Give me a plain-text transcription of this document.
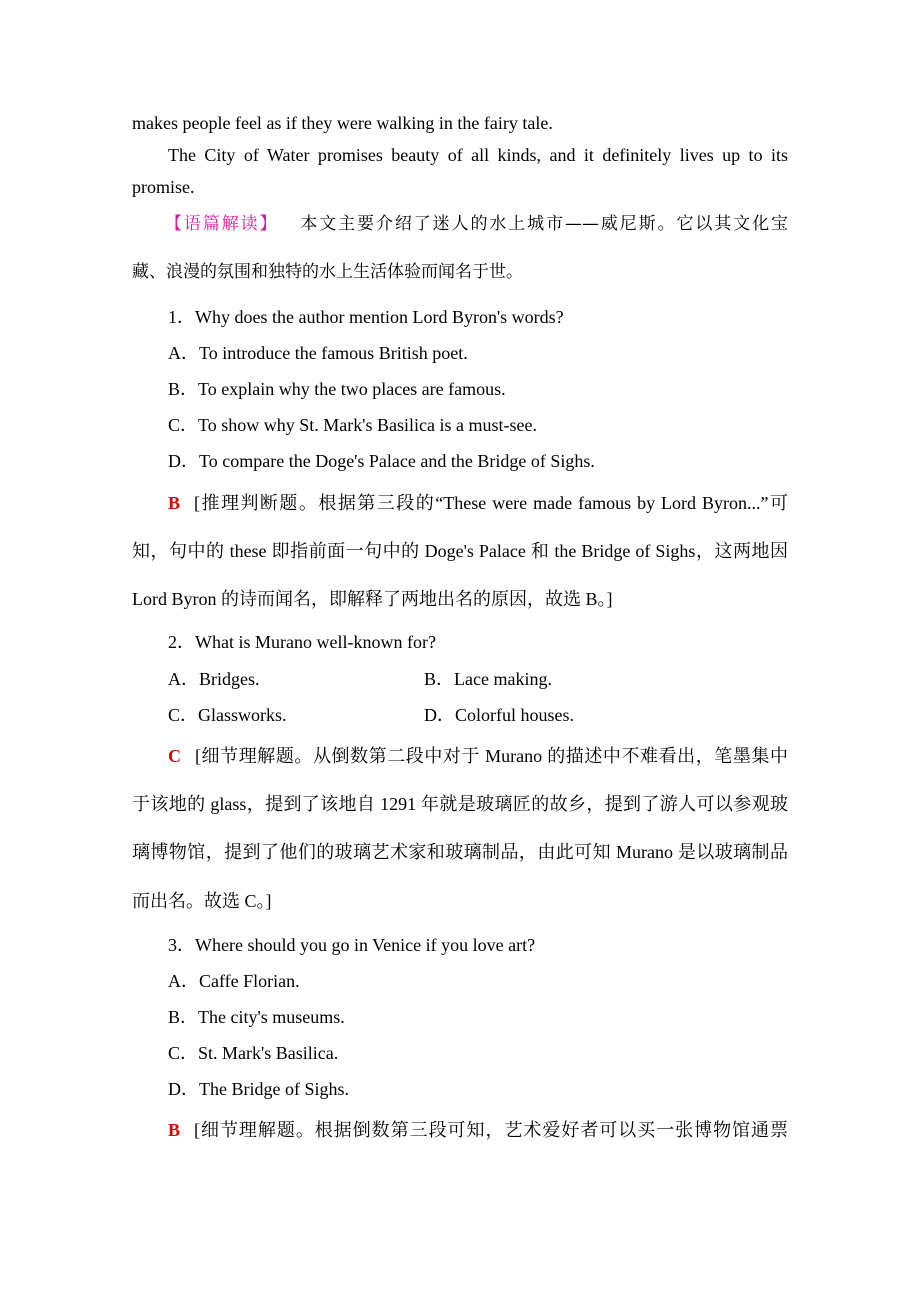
makes people feel as if they were walking in the fairy tale.
The City of Water promises beauty of all kinds, and it definitely lives up to its
promise.
【语篇解读】 本文主要介绍了迷人的水上城市——威尼斯。它以其文化宝
藏、浪漫的氛围和独特的水上生活体验而闻名于世。
1．Why does the author mention Lord Byron's words?
A．To introduce the famous British poet.
B．To explain why the two places are famous.
C．To show why St. Mark's Basilica is a must-see.
D．To compare the Doge's Palace and the Bridge of Sighs.
B [推理判断题。根据第三段的“These were made famous by Lord Byron...”可
知，句中的 these 即指前面一句中的 Doge's Palace 和 the Bridge of Sighs，这两地因
Lord Byron 的诗而闻名，即解释了两地出名的原因，故选 B。]
2．What is Murano well-known for?
A．Bridges.	B．Lace making.
C．Glassworks.	D．Colorful houses.
C [细节理解题。从倒数第二段中对于 Murano 的描述中不难看出，笔墨集中
于该地的 glass，提到了该地自 1291 年就是玻璃匠的故乡，提到了游人可以参观玻
璃博物馆，提到了他们的玻璃艺术家和玻璃制品，由此可知 Murano 是以玻璃制品
而出名。故选 C。]
3．Where should you go in Venice if you love art?
A．Caffe Florian.
B．The city's museums.
C．St. Mark's Basilica.
D．The Bridge of Sighs.
B [细节理解题。根据倒数第三段可知，艺术爱好者可以买一张博物馆通票
